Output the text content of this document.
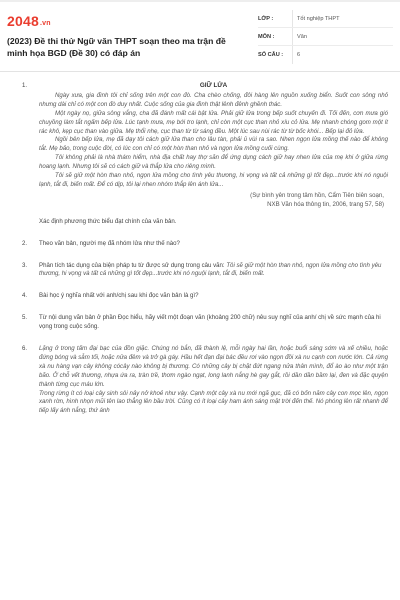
2048.vn
(2023) Đề thi thử Ngữ văn THPT soạn theo ma trận đề minh họa BGD (Đề 30) có đáp án
LỚP :	Tốt nghiệp THPT
MÔN :	Văn
SỐ CÂU :	6
1.	GIỮ LỬA

Ngày xưa, gia đình tôi chỉ sống trên một con đò. Cha chèo chống, đôi hàng lên nguồn xuống biển. Suốt con sông nhỏ nhưng dài chỉ có một con đò duy nhất. Cuộc sống của gia đình thật lênh đênh ghềnh thác.

Một ngày nọ, giữa sông vắng, cha đã đánh mất cái bật lửa. Phải giữ lửa trong bếp suốt chuyến đi. Tối đến, cơn mưa gió chuyồng làm tắt ngấm bếp lửa. Lúc tạnh mưa, mẹ bới tro lạnh, chỉ còn một cục than nhỏ xíu cỏ lửa. Mẹ nhanh chóng gom một ít rác khô, kẹp cục than vào giữa. Mẹ thổi nhẹ, cục than từ từ sáng đều. Một lúc sau nùi rác từ từ bốc khói... Bếp lại đỏ lửa.

Ngồi bên bếp lửa, mẹ đã dạy tôi cách giữ lửa than cho lâu tàn, phải ủ vùi ra sao. Nhen ngọn lửa mồng thế nào để không tắt. Mẹ bảo, trong cuộc đời, có lúc con chỉ có một hòn than nhỏ và ngọn lửa mồng cuối cùng.

Tôi không phải là nhà thám hiểm, nhà địa chất hay thợ săn để ứng dụng cách giữ hay nhen lửa của mẹ khi ở giữa rừng hoang lạnh. Nhưng tôi sẽ có cách giữ và thắp lửa cho riêng mình.

Tôi sẽ giữ một hòn than nhỏ, ngọn lửa mồng cho tình yêu thương, hi vọng và tất cả những gì tốt đẹp...trước khi nó nguội lạnh, tắt đi, biến mất. Để có dịp, tôi lại nhen nhóm thắp lên ánh lửa...

(Sự bình yên trong tâm hồn, Cẩm Tiên biên soạn,
NXB Văn hóa thông tin, 2006, trang 57, 58)
Xác định phương thức biểu đạt chính của văn bản.
2. Theo văn bản, người mẹ đã nhóm lửa như thế nào?
3. Phân tích tác dụng của biện pháp tu từ được sử dụng trong câu văn: Tôi sẽ giữ một hòn than nhỏ, ngọn lửa mồng cho tình yêu thương, hi vọng và tất cả những gì tốt đẹp...trước khi nó nguội lạnh, tắt đi, biến mất.
4. Bài học ý nghĩa nhất với anh/chị sau khi đọc văn bản là gì?
5. Từ nội dung văn bản ở phần Đọc hiểu, hãy viết một đoạn văn (khoảng 200 chữ) nêu suy nghĩ của anh/ chị về sức mạnh của hi vọng trong cuộc sống.
6. Lặng ở trong tấm đại bạc của đồn giặc. Chúng nó bắn, đã thành lệ, mỗi ngày hai lần, hoặc buổi sáng sớm và xế chiều, hoặc đứng bóng và sẫm tối, hoặc nửa đêm và trở gà gáy. Hầu hết đạn đại bác đều rơi vào ngọn đồi xà nu cạnh con nước lớn. Cả rừng xà nu hàng vạn cây không cócây nào không bị thương. Có những cây bị chặt đứt ngang nửa thân mình, đổ ào ào như một trận bão. Ở chỗ vết thương, nhựa ứa ra, tràn trề, thơm ngào ngạt, long lanh nắng hè gay gắt, rồi dần dần bầm lại, đen và đặc quyện thành từng cục máu lớn.

Trong rừng ít có loại cây sinh sôi nảy nở khoẻ như vậy. Cạnh một cây xà nu mới ngã gục, đã có bốn năm cây con mọc lên, ngọn xanh rờn, hình nhọn mũi tên lao thẳng lên bầu trời. Cũng có ít loại cây ham ánh sáng mặt trời đến thế. Nó phóng lên rất nhanh để tiếp lấy ánh nắng, thứ ánh
